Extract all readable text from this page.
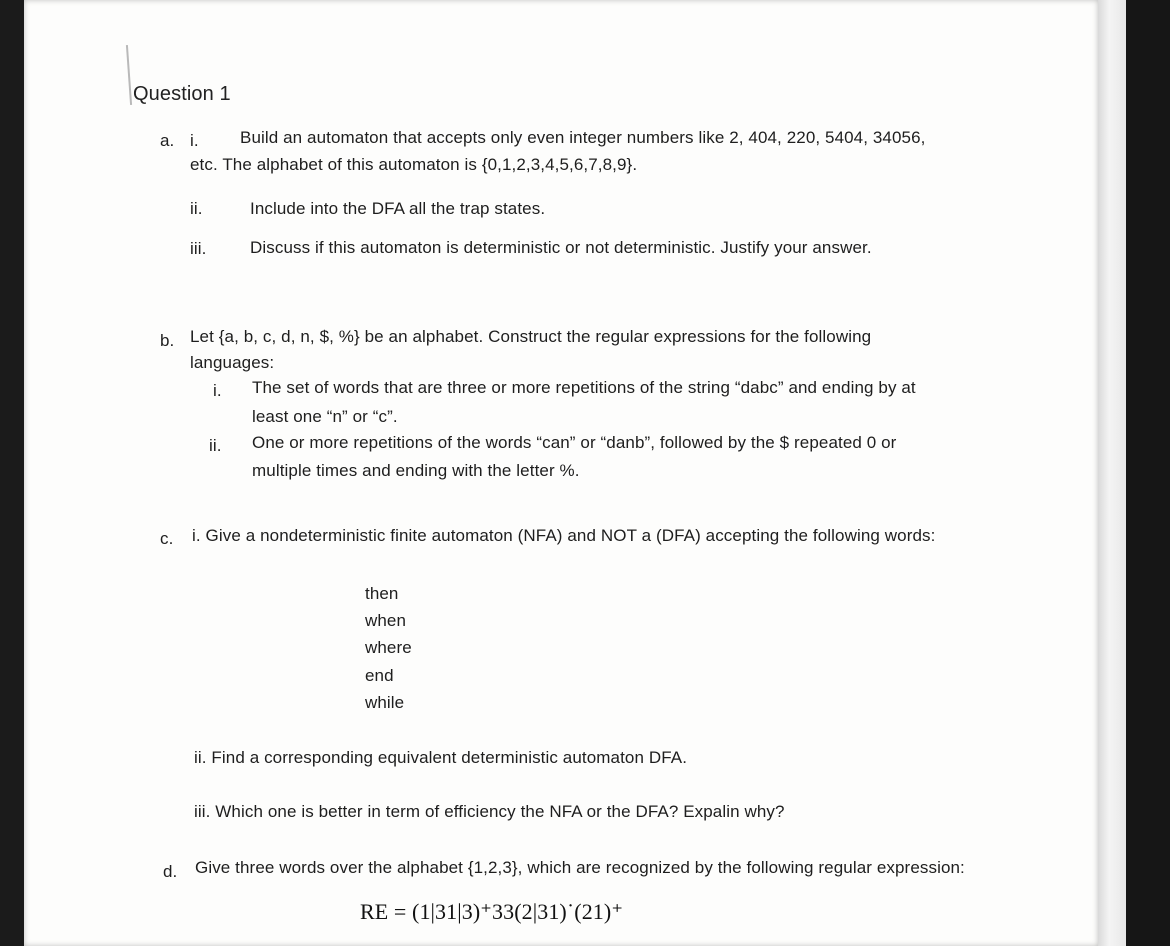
Question 1
a. i. Build an automaton that accepts only even integer numbers like 2, 404, 220, 5404, 34056,
etc. The alphabet of this automaton is {0,1,2,3,4,5,6,7,8,9}.
ii.	Include into the DFA all the trap states.
iii.	Discuss if this automaton is deterministic or not deterministic. Justify your answer.
b. Let {a, b, c, d, n, $, %} be an alphabet. Construct the regular expressions for the following
languages:
i. The set of words that are three or more repetitions of the string “dabc” and ending by at
least one “n” or “c”.
ii. One or more repetitions of the words “can” or “danb”, followed by the $ repeated 0 or
multiple times and ending with the letter %.
c. i. Give a nondeterministic finite automaton (NFA) and NOT a (DFA) accepting the following words:
then
when
where
end
while
ii. Find a corresponding equivalent deterministic automaton DFA.
iii. Which one is better in term of efficiency the NFA or the DFA? Expalin why?
d. Give three words over the alphabet {1,2,3}, which are recognized by the following regular expression:
RE = (1|31|3)⁺33(2|31)˙(21)⁺
